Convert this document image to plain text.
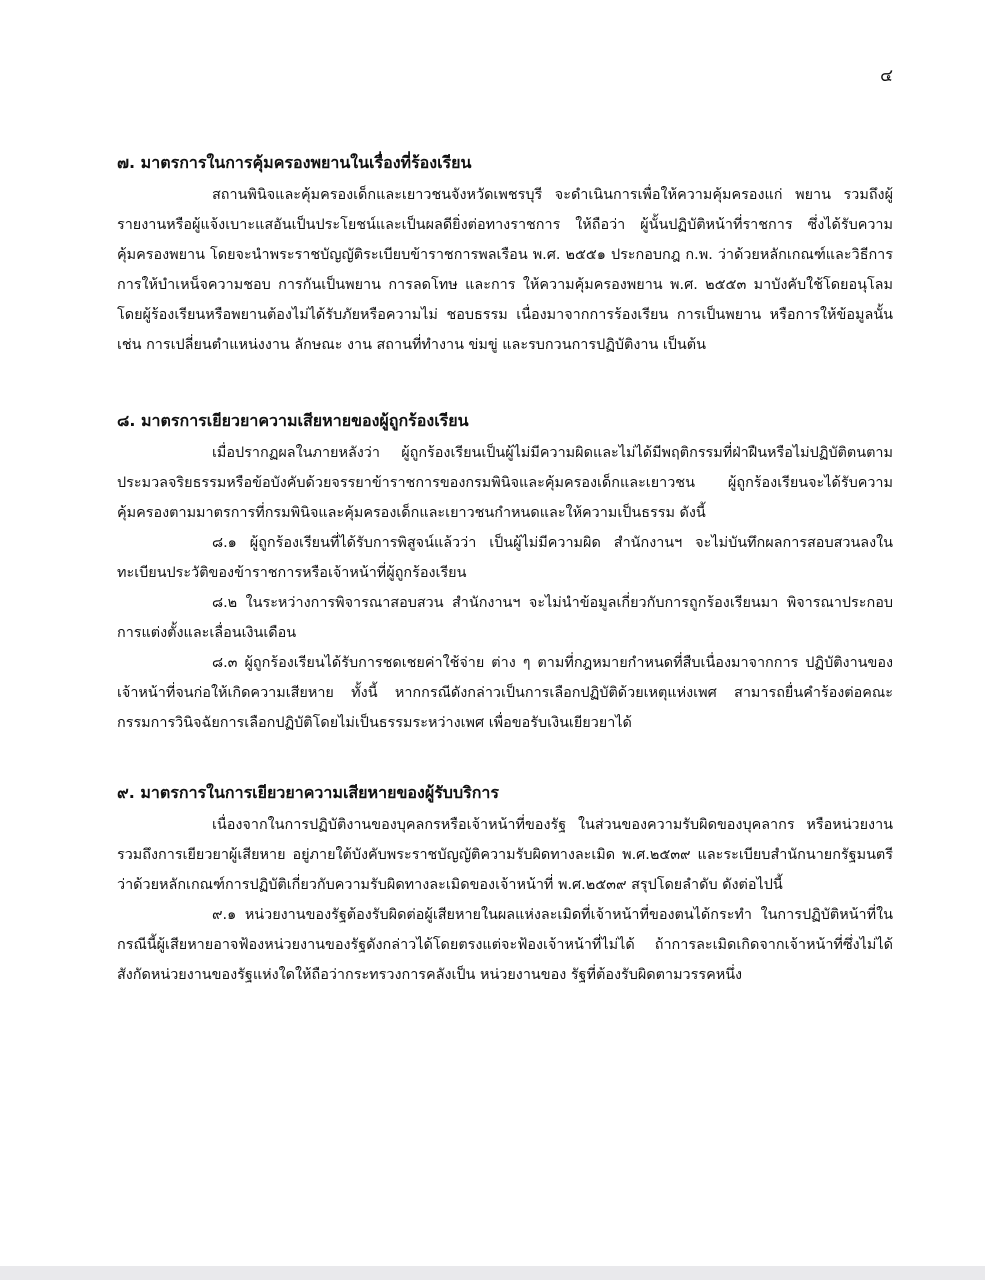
๔

๗. มาตรการในการคุ้มครองพยานในเรื่องที่ร้องเรียน

สถานพินิจและคุ้มครองเด็กและเยาวชนจังหวัดเพชรบุรี จะดำเนินการเพื่อให้ความคุ้มครองแก่ พยาน รวมถึงผู้รายงานหรือผู้แจ้งเบาะแสอันเป็นประโยชน์และเป็นผลดียิ่งต่อทางราชการ ให้ถือว่า ผู้นั้นปฏิบัติหน้าที่ราชการ ซึ่งได้รับความคุ้มครองพยาน โดยจะนำพระราชบัญญัติระเบียบข้าราชการพลเรือน พ.ศ. ๒๕๕๑ ประกอบกฎ ก.พ. ว่าด้วยหลักเกณฑ์และวิธีการการให้บำเหน็จความชอบ การกันเป็นพยาน การลดโทษ และการ ให้ความคุ้มครองพยาน พ.ศ. ๒๕๕๓ มาบังคับใช้โดยอนุโลม โดยผู้ร้องเรียนหรือพยานต้องไม่ได้รับภัยหรือความไม่ ชอบธรรม เนื่องมาจากการร้องเรียน การเป็นพยาน หรือการให้ข้อมูลนั้น เช่น การเปลี่ยนตำแหน่งงาน ลักษณะ งาน สถานที่ทำงาน ข่มขู่ และรบกวนการปฏิบัติงาน เป็นต้น

๘. มาตรการเยียวยาความเสียหายของผู้ถูกร้องเรียน

เมื่อปรากฏผลในภายหลังว่า ผู้ถูกร้องเรียนเป็นผู้ไม่มีความผิดและไม่ได้มีพฤติกรรมที่ฝ่าฝืนหรือไม่ปฏิบัติตนตามประมวลจริยธรรมหรือข้อบังคับด้วยจรรยาข้าราชการของกรมพินิจและคุ้มครองเด็กและเยาวชน ผู้ถูกร้องเรียนจะได้รับความคุ้มครองตามมาตรการที่กรมพินิจและคุ้มครองเด็กและเยาวชนกำหนดและให้ความเป็นธรรม ดังนี้

๘.๑ ผู้ถูกร้องเรียนที่ได้รับการพิสูจน์แล้วว่า เป็นผู้ไม่มีความผิด สำนักงานฯ จะไม่บันทึกผลการสอบสวนลงในทะเบียนประวัติของข้าราชการหรือเจ้าหน้าที่ผู้ถูกร้องเรียน

๘.๒ ในระหว่างการพิจารณาสอบสวน สำนักงานฯ จะไม่นำข้อมูลเกี่ยวกับการถูกร้องเรียนมา พิจารณาประกอบการแต่งตั้งและเลื่อนเงินเดือน

๘.๓ ผู้ถูกร้องเรียนได้รับการชดเชยค่าใช้จ่าย ต่าง ๆ ตามที่กฎหมายกำหนดที่สืบเนื่องมาจากการ ปฏิบัติงานของเจ้าหน้าที่จนก่อให้เกิดความเสียหาย ทั้งนี้ หากกรณีดังกล่าวเป็นการเลือกปฏิบัติด้วยเหตุแห่งเพศ สามารถยื่นคำร้องต่อคณะกรรมการวินิจฉัยการเลือกปฏิบัติโดยไม่เป็นธรรมระหว่างเพศ เพื่อขอรับเงินเยียวยาได้

๙. มาตรการในการเยียวยาความเสียหายของผู้รับบริการ

เนื่องจากในการปฏิบัติงานของบุคลกรหรือเจ้าหน้าที่ของรัฐ ในส่วนของความรับผิดของบุคลากร หรือหน่วยงานรวมถึงการเยียวยาผู้เสียหาย อยู่ภายใต้บังคับพระราชบัญญัติความรับผิดทางละเมิด พ.ศ.๒๕๓๙ และระเบียบสำนักนายกรัฐมนตรีว่าด้วยหลักเกณฑ์การปฏิบัติเกี่ยวกับความรับผิดทางละเมิดของเจ้าหน้าที่ พ.ศ.๒๕๓๙ สรุปโดยลำดับ ดังต่อไปนี้

๙.๑ หน่วยงานของรัฐต้องรับผิดต่อผู้เสียหายในผลแห่งละเมิดที่เจ้าหน้าที่ของตนได้กระทำ ในการปฏิบัติหน้าที่ในกรณีนี้ผู้เสียหายอาจฟ้องหน่วยงานของรัฐดังกล่าวได้โดยตรงแต่จะฟ้องเจ้าหน้าที่ไม่ได้ ถ้าการละเมิดเกิดจากเจ้าหน้าที่ซึ่งไม่ได้สังกัดหน่วยงานของรัฐแห่งใดให้ถือว่ากระทรวงการคลังเป็น หน่วยงานของ รัฐที่ต้องรับผิดตามวรรคหนึ่ง
